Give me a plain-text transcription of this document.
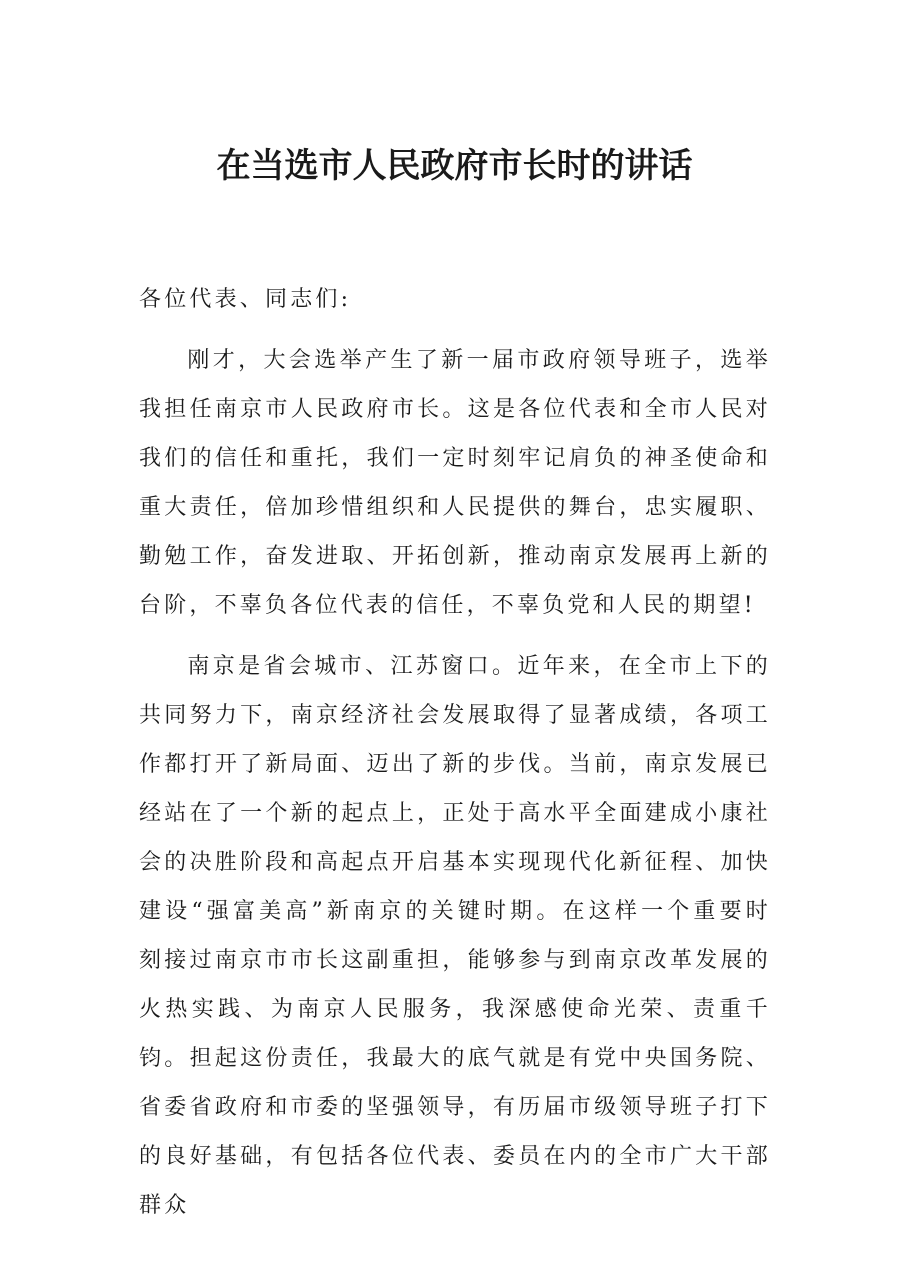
在当选市人民政府市长时的讲话

各位代表、同志们:

刚才，大会选举产生了新一届市政府领导班子，选举我担任南京市人民政府市长。这是各位代表和全市人民对我们的信任和重托，我们一定时刻牢记肩负的神圣使命和重大责任，倍加珍惜组织和人民提供的舞台，忠实履职、勤勉工作，奋发进取、开拓创新，推动南京发展再上新的台阶，不辜负各位代表的信任，不辜负党和人民的期望!

南京是省会城市、江苏窗口。近年来，在全市上下的共同努力下，南京经济社会发展取得了显著成绩，各项工作都打开了新局面、迈出了新的步伐。当前，南京发展已经站在了一个新的起点上，正处于高水平全面建成小康社会的决胜阶段和高起点开启基本实现现代化新征程、加快建设“强富美高”新南京的关键时期。在这样一个重要时刻接过南京市市长这副重担，能够参与到南京改革发展的火热实践、为南京人民服务，我深感使命光荣、责重千钧。担起这份责任，我最大的底气就是有党中央国务院、省委省政府和市委的坚强领导，有历届市级领导班子打下的良好基础，有包括各位代表、委员在内的全市广大干部群众
